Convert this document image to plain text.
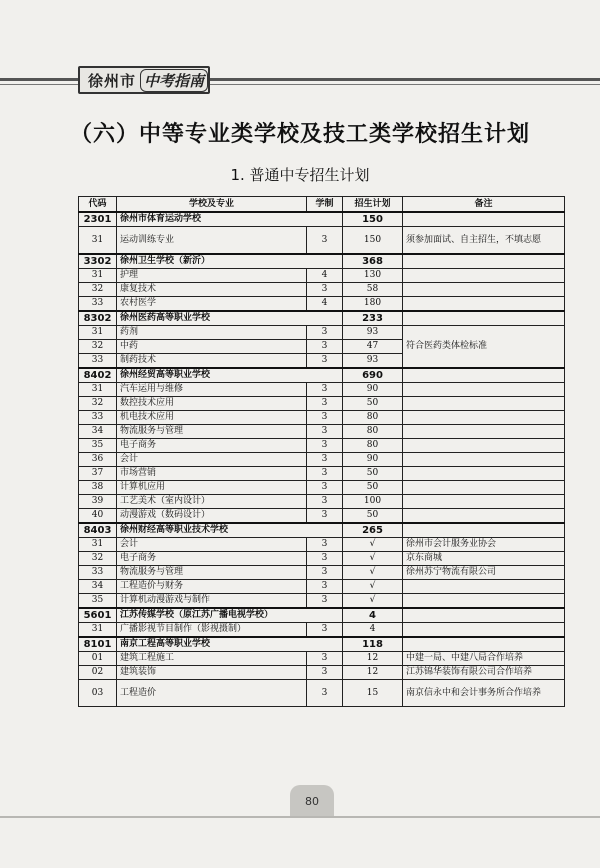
徐州市 中考指南
（六）中等专业类学校及技工类学校招生计划
1. 普通中专招生计划
代码	学校及专业	学制	招生计划	备注
2301	徐州市体育运动学校		150	
31	运动训练专业	3	150	须参加面试、自主招生，不填志愿
3302	徐州卫生学校（新沂）		368	
31	护理	4	130	
32	康复技术	3	58	
33	农村医学	4	180	
8302	徐州医药高等职业学校		233	
31	药剂	3	93	符合医药类体检标准
32	中药	3	47	
33	制药技术	3	93	
8402	徐州经贸高等职业学校		690	
31	汽车运用与维修	3	90	
32	数控技术应用	3	50	
33	机电技术应用	3	80	
34	物流服务与管理	3	80	
35	电子商务	3	80	
36	会计	3	90	
37	市场营销	3	50	
38	计算机应用	3	50	
39	工艺美术（室内设计）	3	100	
40	动漫游戏（数码设计）	3	50	
8403	徐州财经高等职业技术学校		265	
31	会计	3	√	徐州市会计服务业协会
32	电子商务	3	√	京东商城
33	物流服务与管理	3	√	徐州苏宁物流有限公司
34	工程造价与财务	3	√	
35	计算机动漫游戏与制作	3	√	
5601	江苏传媒学校（原江苏广播电视学校）		4	
31	广播影视节目制作（影视摄制）	3	4	
8101	南京工程高等职业学校		118	
01	建筑工程施工	3	12	中建一局、中建八局合作培养
02	建筑装饰	3	12	江苏锦华装饰有限公司合作培养
03	工程造价	3	15	南京信永中和会计事务所合作培养
80
